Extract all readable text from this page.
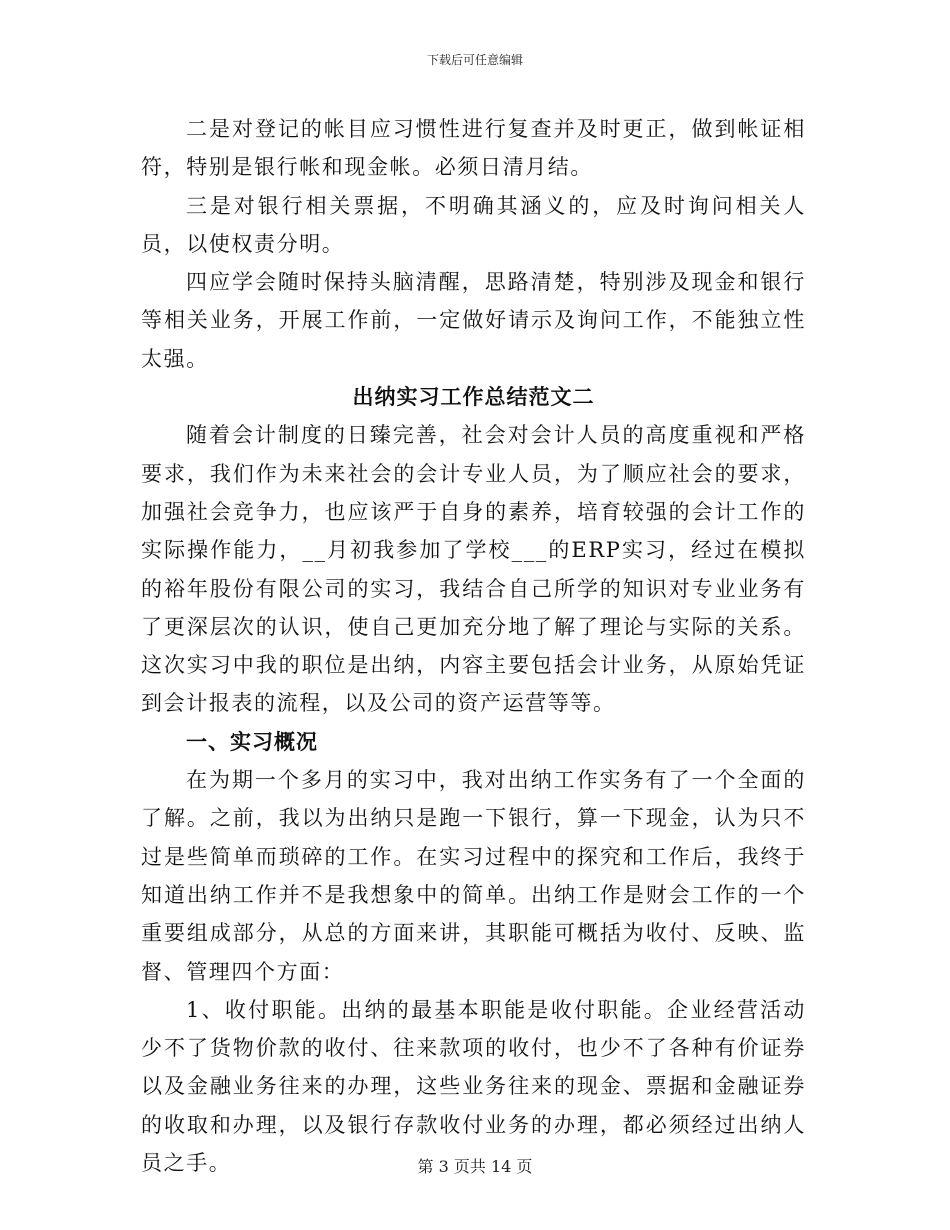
下载后可任意编辑

二是对登记的帐目应习惯性进行复查并及时更正，做到帐证相符，特别是银行帐和现金帐。必须日清月结。

三是对银行相关票据，不明确其涵义的，应及时询问相关人员，以使权责分明。

四应学会随时保持头脑清醒，思路清楚，特别涉及现金和银行等相关业务，开展工作前，一定做好请示及询问工作，不能独立性太强。

出纳实习工作总结范文二

随着会计制度的日臻完善，社会对会计人员的高度重视和严格要求，我们作为未来社会的会计专业人员，为了顺应社会的要求，加强社会竞争力，也应该严于自身的素养，培育较强的会计工作的实际操作能力，__月初我参加了学校___的ERP实习，经过在模拟的裕年股份有限公司的实习，我结合自己所学的知识对专业业务有了更深层次的认识，使自己更加充分地了解了理论与实际的关系。这次实习中我的职位是出纳，内容主要包括会计业务，从原始凭证到会计报表的流程，以及公司的资产运营等等。

一、实习概况

在为期一个多月的实习中，我对出纳工作实务有了一个全面的了解。之前，我以为出纳只是跑一下银行，算一下现金，认为只不过是些简单而琐碎的工作。在实习过程中的探究和工作后，我终于知道出纳工作并不是我想象中的简单。出纳工作是财会工作的一个重要组成部分，从总的方面来讲，其职能可概括为收付、反映、监督、管理四个方面：

1、收付职能。出纳的最基本职能是收付职能。企业经营活动少不了货物价款的收付、往来款项的收付，也少不了各种有价证券以及金融业务往来的办理，这些业务往来的现金、票据和金融证券的收取和办理，以及银行存款收付业务的办理，都必须经过出纳人员之手。	第 3 页共 14 页
